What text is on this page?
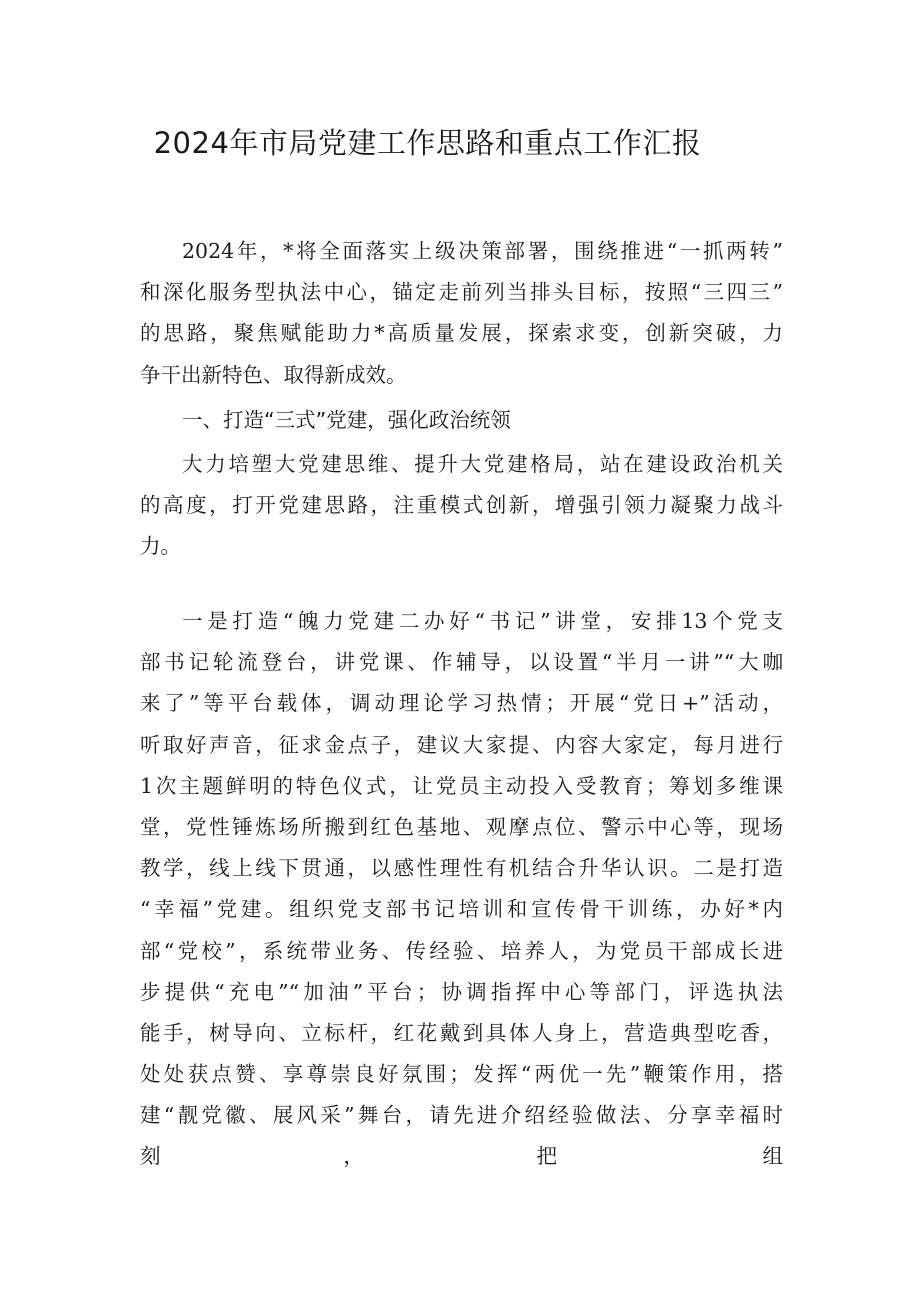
2024年市局党建工作思路和重点工作汇报
2024年，*将全面落实上级决策部署，围绕推进“一抓两转”
和深化服务型执法中心，锚定走前列当排头目标，按照“三四三”
的思路，聚焦赋能助力*高质量发展，探索求变，创新突破，力
争干出新特色、取得新成效。
一、打造“三式”党建，强化政治统领
大力培塑大党建思维、提升大党建格局，站在建设政治机关
的高度，打开党建思路，注重模式创新，增强引领力凝聚力战斗
力。
一是打造“魄力党建二办好“书记”讲堂，安排13个党支
部书记轮流登台，讲党课、作辅导，以设置“半月一讲”“大咖
来了”等平台载体，调动理论学习热情；开展“党日+”活动，
听取好声音，征求金点子，建议大家提、内容大家定，每月进行
1次主题鲜明的特色仪式，让党员主动投入受教育；筹划多维课
堂，党性锤炼场所搬到红色基地、观摩点位、警示中心等，现场
教学，线上线下贯通，以感性理性有机结合升华认识。二是打造
“幸福”党建。组织党支部书记培训和宣传骨干训练，办好*内
部“党校”，系统带业务、传经验、培养人，为党员干部成长进
步提供“充电”“加油”平台；协调指挥中心等部门，评选执法
能手，树导向、立标杆，红花戴到具体人身上，营造典型吃香，
处处获点赞、享尊崇良好氛围；发挥“两优一先”鞭策作用，搭
建“靓党徽、展风采”舞台，请先进介绍经验做法、分享幸福时
刻　　　　　　　　，　　　　　　　　把　　　　　　　　　组
